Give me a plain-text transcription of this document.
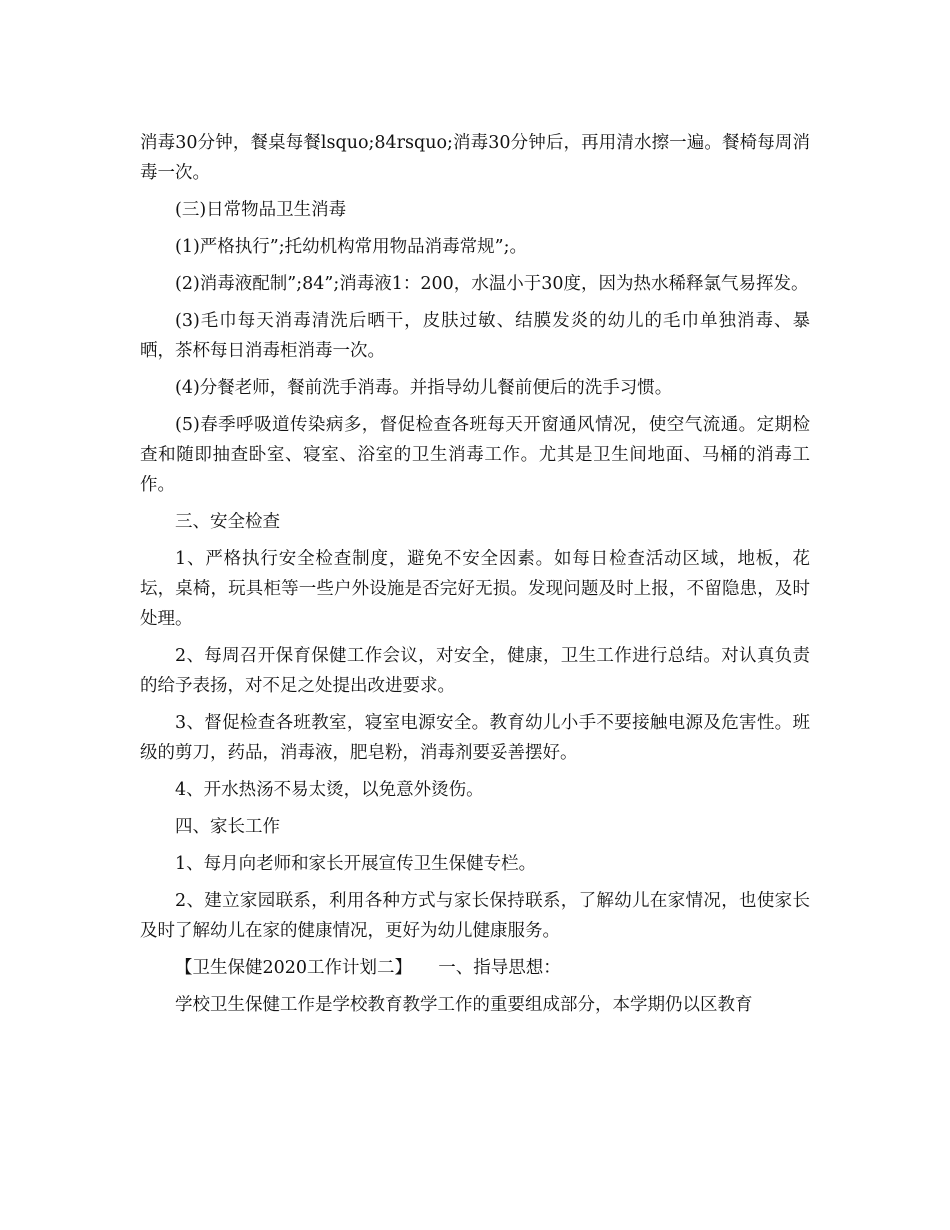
消毒30分钟，餐桌每餐lsquo;84rsquo;消毒30分钟后，再用清水擦一遍。餐椅每周消毒一次。

(三)日常物品卫生消毒

(1)严格执行”;托幼机构常用物品消毒常规”;。

(2)消毒液配制”;84”;消毒液1：200，水温小于30度，因为热水稀释氯气易挥发。

(3)毛巾每天消毒清洗后晒干，皮肤过敏、结膜发炎的幼儿的毛巾单独消毒、暴晒，茶杯每日消毒柜消毒一次。

(4)分餐老师，餐前洗手消毒。并指导幼儿餐前便后的洗手习惯。

(5)春季呼吸道传染病多，督促检查各班每天开窗通风情况，使空气流通。定期检查和随即抽查卧室、寝室、浴室的卫生消毒工作。尤其是卫生间地面、马桶的消毒工作。

三、安全检查

1、严格执行安全检查制度，避免不安全因素。如每日检查活动区域，地板，花坛，桌椅，玩具柜等一些户外设施是否完好无损。发现问题及时上报，不留隐患，及时处理。

2、每周召开保育保健工作会议，对安全，健康，卫生工作进行总结。对认真负责的给予表扬，对不足之处提出改进要求。

3、督促检查各班教室，寝室电源安全。教育幼儿小手不要接触电源及危害性。班级的剪刀，药品，消毒液，肥皂粉，消毒剂要妥善摆好。

4、开水热汤不易太烫，以免意外烫伤。

四、家长工作

1、每月向老师和家长开展宣传卫生保健专栏。

2、建立家园联系，利用各种方式与家长保持联系，了解幼儿在家情况，也使家长及时了解幼儿在家的健康情况，更好为幼儿健康服务。

【卫生保健2020工作计划二】　　一、指导思想：

学校卫生保健工作是学校教育教学工作的重要组成部分，本学期仍以区教育
